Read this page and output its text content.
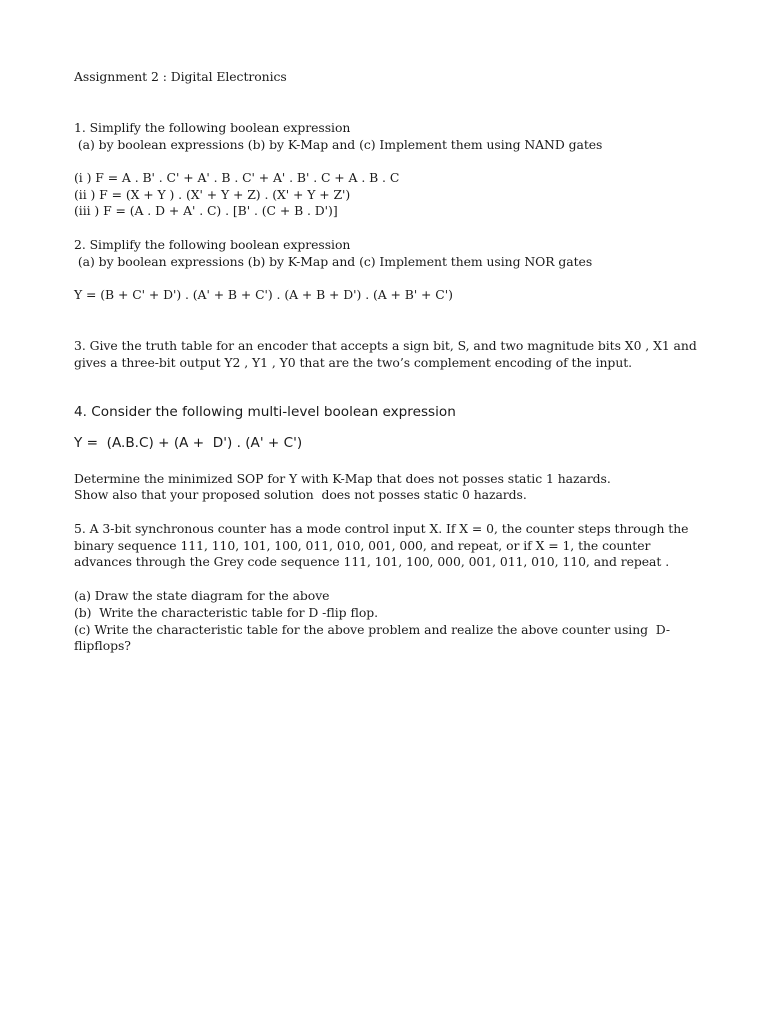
Assignment 2 : Digital Electronics
1. Simplify the following boolean expression
(a) by boolean expressions (b) by K-Map and (c) Implement them using NAND gates
(i ) F = A . B' . C' + A' . B . C' + A' . B' . C + A . B . C
(ii ) F = (X + Y ) . (X' + Y + Z) . (X' + Y + Z')
(iii ) F = (A . D + A' . C) . [B' . (C + B . D')]
2. Simplify the following boolean expression
(a) by boolean expressions (b) by K-Map and (c) Implement them using NOR gates
Y = (B + C' + D') . (A' + B + C') . (A + B + D') . (A + B' + C')
3. Give the truth table for an encoder that accepts a sign bit, S, and two magnitude bits X0 , X1 and
gives a three-bit output Y2 , Y1 , Y0 that are the two’s complement encoding of the input.
4. Consider the following multi-level boolean expression
Y =  (A.B.C) + (A +  D') . (A' + C')
Determine the minimized SOP for Y with K-Map that does not posses static 1 hazards.
Show also that your proposed solution  does not posses static 0 hazards.
5. A 3-bit synchronous counter has a mode control input X. If X = 0, the counter steps through the
binary sequence 111, 110, 101, 100, 011, 010, 001, 000, and repeat, or if X = 1, the counter
advances through the Grey code sequence 111, 101, 100, 000, 001, 011, 010, 110, and repeat .
(a) Draw the state diagram for the above
(b)  Write the characteristic table for D -flip flop.
(c) Write the characteristic table for the above problem and realize the above counter using  D-
flipflops?
